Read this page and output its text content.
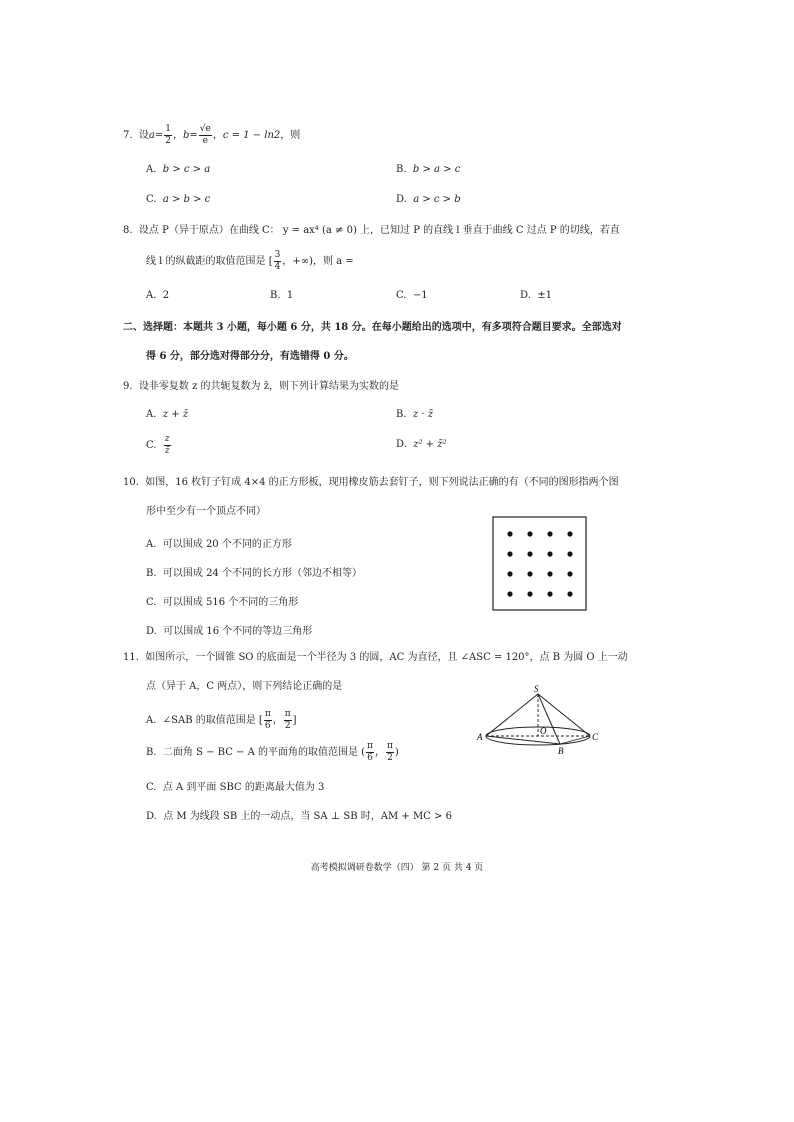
7. 设$a= \frac{1}{2}$ ，$b= \frac{√e}{e}$ ，c = 1 − ln2，则
A. b > c > a	B. b > a > c
C. a > b > c	D. a > c > b
8. 设点 P（异于原点）在曲线 C： y = ax⁴ (a ≠ 0) 上，已知过 P 的直线 l 垂直于曲线 C 过点 P 的切线，若直
线 l 的纵截距的取值范围是 [ $\frac{3}{4}$ ，+∞)，则 a =
A. 2	B. 1	C. −1	D. ±1
二、选择题：本题共 3 小题，每小题 6 分，共 18 分。在每小题给出的选项中，有多项符合题目要求。全部选对
得 6 分，部分选对得部分分，有选错得 0 分。
9. 设非零复数 z 的共轭复数为 z̄，则下列计算结果为实数的是
A. z + z̄	B. z · z̄
C. $\frac{z}{z̄}$	D. z² + z̄²
10. 如图，16 枚钉子钉成 4×4 的正方形板，现用橡皮筋去套钉子，则下列说法正确的有（不同的图形指两个图
形中至少有一个顶点不同）
A. 可以围成 20 个不同的正方形
B. 可以围成 24 个不同的长方形（邻边不相等）
C. 可以围成 516 个不同的三角形
D. 可以围成 16 个不同的等边三角形
11. 如图所示，一个圆锥 SO 的底面是一个半径为 3 的圆，AC 为直径，且 ∠ASC = 120°，点 B 为圆 O 上一动
点（异于 A，C 两点），则下列结论正确的是
A. ∠SAB 的取值范围是 [ $\frac{\pi}{6}$ ， $\frac{\pi}{2}$ ]
B. 二面角 S − BC − A 的平面角的取值范围是 ( $\frac{\pi}{6}$ ， $\frac{\pi}{2}$ )
C. 点 A 到平面 SBC 的距离最大值为 3
D. 点 M 为线段 SB 上的一动点，当 SA ⊥ SB 时，AM + MC > 6
S
A
O
C
B
高考模拟调研卷数学（四） 第 2 页 共 4 页
